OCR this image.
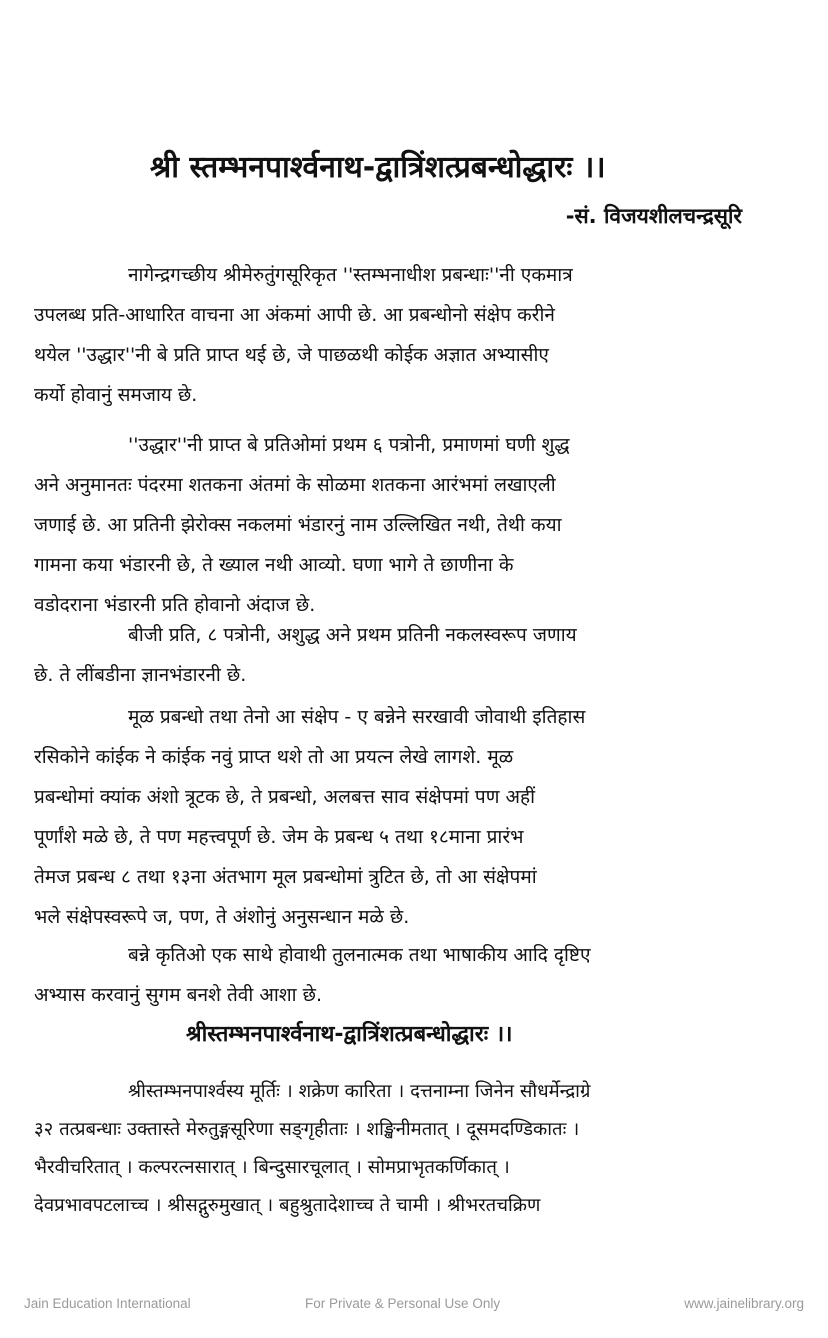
श्री स्तम्भनपार्श्वनाथ-द्वात्रिंशत्प्रबन्धोद्धारः ।।
-सं. विजयशीलचन्द्रसूरि
नागेन्द्रगच्छीय श्रीमेरुतुंगसूरिकृत ''स्तम्भनाधीश प्रबन्धाः''नी एकमात्र
उपलब्ध प्रति-आधारित वाचना आ अंकमां आपी छे. आ प्रबन्धोनो संक्षेप करीने
थयेल ''उद्धार''नी बे प्रति प्राप्त थई छे, जे पाछळथी कोईक अज्ञात अभ्यासीए
कर्यो होवानुं समजाय छे.
''उद्धार''नी प्राप्त बे प्रतिओमां प्रथम ६ पत्रोनी, प्रमाणमां घणी शुद्ध
अने अनुमानतः पंदरमा शतकना अंतमां के सोळमा शतकना आरंभमां लखाएली
जणाई छे. आ प्रतिनी झेरोक्स नकलमां भंडारनुं नाम उल्लिखित नथी, तेथी कया
गामना कया भंडारनी छे, ते ख्याल नथी आव्यो. घणा भागे ते छाणीना के
वडोदराना भंडारनी प्रति होवानो अंदाज छे.
बीजी प्रति, ८ पत्रोनी, अशुद्ध अने प्रथम प्रतिनी नकलस्वरूप जणाय
छे. ते लींबडीना ज्ञानभंडारनी छे.
मूळ प्रबन्धो तथा तेनो आ संक्षेप - ए बन्नेने सरखावी जोवाथी इतिहास
रसिकोने कांईक ने कांईक नवुं प्राप्त थशे तो आ प्रयत्न लेखे लागशे. मूळ
प्रबन्धोमां क्यांक अंशो त्रूटक छे, ते प्रबन्धो, अलबत्त साव संक्षेपमां पण अहीं
पूर्णांशे मळे छे, ते पण महत्त्वपूर्ण छे. जेम के प्रबन्ध ५ तथा १८माना प्रारंभ
तेमज प्रबन्ध ८ तथा १३ना अंतभाग मूल प्रबन्धोमां त्रुटित छे, तो आ संक्षेपमां
भले संक्षेपस्वरूपे ज, पण, ते अंशोनुं अनुसन्धान मळे छे.
बन्ने कृतिओ एक साथे होवाथी तुलनात्मक तथा भाषाकीय आदि दृष्टिए
अभ्यास करवानुं सुगम बनशे तेवी आशा छे.
श्रीस्तम्भनपार्श्वनाथ-द्वात्रिंशत्प्रबन्धोद्धारः ।।
श्रीस्तम्भनपार्श्वस्य मूर्तिः । शक्रेण कारिता । दत्तनाम्ना जिनेन सौधर्मेन्द्राग्रे
३२ तत्प्रबन्धाः उक्तास्ते मेरुतुङ्गसूरिणा सङ्गृहीताः । शङ्खिनीमतात् । दूसमदण्डिकातः ।
भैरवीचरितात् । कल्परत्नसारात् । बिन्दुसारचूलात् । सोमप्राभृतकर्णिकात् ।
देवप्रभावपटलाच्च । श्रीसद्गुरुमुखात् । बहुश्रुतादेशाच्च ते चामी । श्रीभरतचक्रिण
Jain Education International	For Private & Personal Use Only	www.jainelibrary.org
